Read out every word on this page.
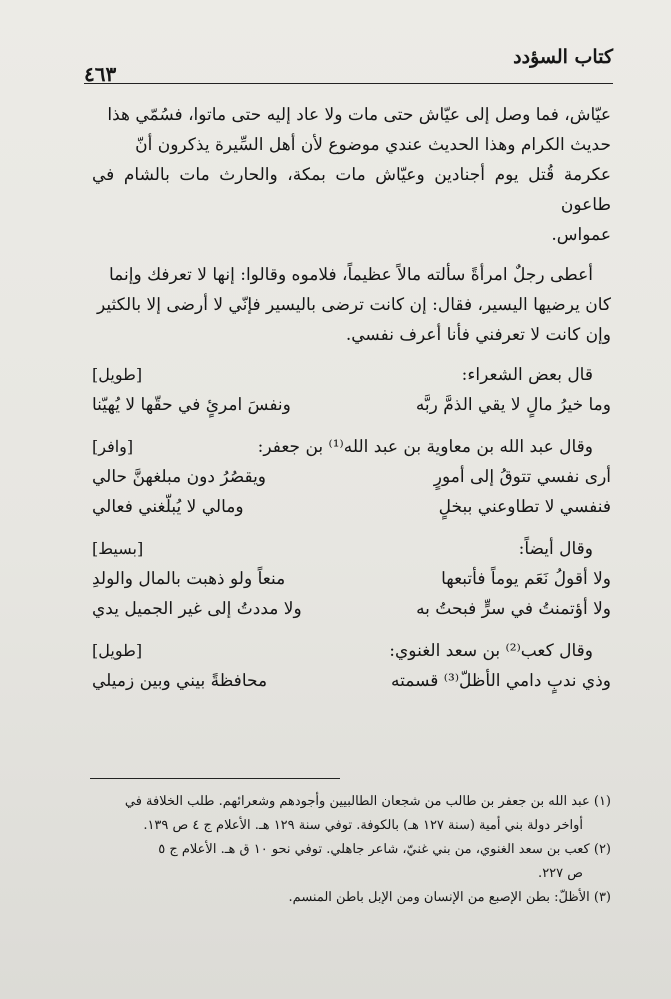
كتاب السؤدد
٤٦٣
عيّاش، فما وصل إلى عيّاش حتى مات ولا عاد إليه حتى ماتوا، فسُمّي هذا
حديث الكرام وهذا الحديث عندي موضوع لأن أهل السِّيرة يذكرون أنّ
عكرمة قُتل يوم أجنادين وعيّاش مات بمكة، والحارث مات بالشام في طاعون
عمواس.
أعطى رجلٌ امرأةً سألته مالاً عظيماً، فلاموه وقالوا: إنها لا تعرفك وإنما
كان يرضيها اليسير، فقال: إن كانت ترضى باليسير فإنّي لا أرضى إلا بالكثير
وإن كانت لا تعرفني فأنا أعرف نفسي.
قال بعض الشعراء:
[طويل]
وما خيرُ مالٍ لا يقي الذمَّ ربَّه
ونفسَ امرئٍ في حقّها لا يُهيّنا
وقال عبد الله بن معاوية بن عبد الله⁽¹⁾ بن جعفر:
[وافر]
أرى نفسي تتوقُ إلى أمورٍ
ويقصُرُ دون مبلغهنَّ حالي
فنفسي لا تطاوعني ببخلٍ
ومالي لا يُبلّغني فعالي
وقال أيضاً:
[بسيط]
ولا أقولُ نَعَم يوماً فأتبعها
منعاً ولو ذهبت بالمال والولدِ
ولا أؤتمنتُ في سرٍّ فبحتُ به
ولا مددتُ إلى غير الجميل يدي
وقال كعب⁽²⁾ بن سعد الغنوي:
[طويل]
وذي ندبٍ دامي الأظلّ⁽³⁾ قسمته
محافظةً بيني وبين زميلي
(١) عبد الله بن جعفر بن طالب من شجعان الطالبيين وأجودهم وشعرائهم. طلب الخلافة في
أواخر دولة بني أمية (سنة ١٢٧ هـ) بالكوفة. توفي سنة ١٢٩ هـ. الأعلام ج ٤ ص ١٣٩.
(٢) كعب بن سعد الغنوي، من بني غنيّ، شاعر جاهلي. توفي نحو ١٠ ق هـ. الأعلام ج ٥
ص ٢٢٧.
(٣) الأظلّ: بطن الإصبع من الإنسان ومن الإبل باطن المنسم.
